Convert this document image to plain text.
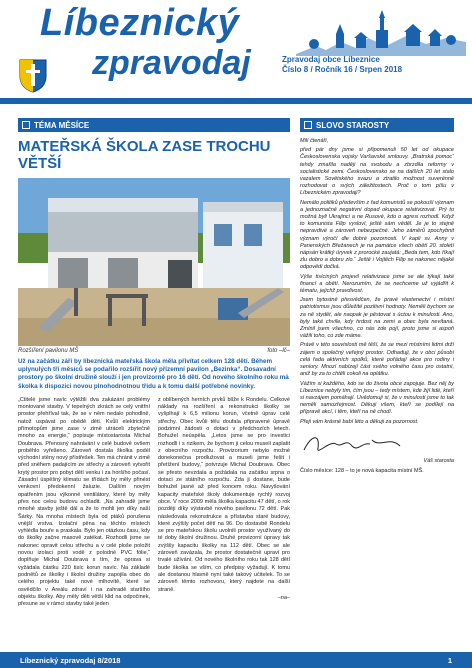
Líbeznický
zpravodaj	Zpravodaj obce Líbeznice
Číslo 8 / Ročník 16 / Srpen 2018
TÉMA MĚSÍCE
MATEŘSKÁ ŠKOLA ZASE TROCHU VĚTŠÍ
Rozšíření pavilonu MŠ	foto –lč–
Už na začátku září by líbeznická mateřská škola měla přivítat celkem 128 dětí. Během uplynulých tří měsíců se podařilo rozšířit nový přízemní pavilon „Bezinka“. Dosavadní prostory po školní družině slouží i jen provizorně pro 16 dětí. Od nového školního roku má školka k dispozici novou plnohodnotnou třídu a k tomu další potřebné novinky.
„Ctitelé jsme navíc výtěžili dva zakázání problémy montované stavby. V tepelných zkrách se celý vnitřní prostor přehříval tak, že se v něm nedalo pohodlně, natož uspávat po obědě děti. Kvůli elektrickým přímotopům jsme zase v zimě utráceli zbytečně mnoho za energie,“ popisuje místostarosta Michal Doubrava. Přenosný nahrávání v celé budově ovšem proběhlo vyřešeno. Zároveň dostala školka podél východní stěny nový přístřešek. Ten má chránit v zimě před sněhem padajícím ze střechy a zároveň vytvořit krytý prostor pro pobyt dětí venku i za horšího počasí. Zásadní úspěšný klimatu se třídách by měly přinést venkovní předokenní žaluzie. Dalším novým opatřením jsou výkonné ventilátory, které by měly přes noc celou budovu ochladit. „Na zahradě jsme mnohé stavby ještě dál a že to mohli jen díky naší Šárky. Na mnoha místech byla od ptáků porušena vnější vrstva. Izolační pěna na těchto místech vyhlédla bouře a praskala. Bylo jen otázkou času, kdy do školky začne masově zatékat. Rozhodli jsme se nakonec opravit celou střechu a v celé ploše položit novou izolaci proti vodě z polodné PVC fólie,“ doplňuje Michal Doubrava s tím, že oprava si vyžádala částku 220 tisíc korun navíc. Na základě podnětů ze školky i školní družiny zapojila obec do celého projektu také nové mlhovítě, které se osvědčilo v Areálu zdraví i na zahradě staršího objektu školky. Aby měly děti větší klid na odpočinek, přesune se v rámci stavby také jeden
z oblíbených herních prvků blíže k Rondelu. Celkové náklady na rozšíření a rekonstrukci školky se vyšplhají k 6,5 milionu korun, včetně úprav celé střechy. Obec kvůli tělu doufala připravené úpravě podzimní žádosti o dotaci v předchozích letech. Bohužel neúspěla. „Letos jsme se pro investici rozhodli i s rizikem, že bychom ji celou museli zaplatit z obecního rozpočtu. Provizorium nebylo možné donekonečna prodlužovat a museli jsme řešit i přetížení budovy,“ potvrzuje Michal Doubrava. Obec se přesto nevzdala a požádala na začátku srpna o dotaci ze státního rozpočtu. Zda ji dostane, bude bohužel jasné až před koncem roku. Navyšování kapacity mateřské školy dokumentuje rychlý rozvoj obce. V roce 2009 měla školka kapacitu 47 dětí, o rok později díky výstavbě nového pavilonu 72 dětí. Pak následovala rekonstrukce a přístavba staré budovy, které zvýšily počet dětí na 96. Do dostavbě Rondelu se pro mateřskou školu uvolnili prostor využívaný do té doby školní družinou. Druhé provizorní úpravy tak zvýšily kapacitu školky na 112 dětí. Obec se ale zároveň zavázala, že prostor dostatečně upraví pro trvalé užívání. Od nového školního roku tak 128 dětí bude školka se vším, co předpisy vyžadují. K tomu ale dostanou hlavně nyní také takový učitelek. To se zároveň těmto rozhovoru, který najdete na další straně.
–na–
SLOVO STAROSTY

Milí čtenáři,

před pár dny jsme si připomenuli 50 let od okupace Československa vojsky Varšavské smlouvy. „Bratrská pomoc“ tehdy zmařila naději na svobodu a zbrzdila reformy v socialistické zemi. Československo se na dalších 20 let stalo vazalem Sovětského svazu a ztratilo možnost suverénně rozhodovat o svých záležitostech. Proč o tom píšu v Líbeznickém zpravodaji?

Nemálo politiků především z řad komunistů se pokouší význam a jednoznačně negativní dopad okupace relativizovat. Prý to možná byli Ukrajinci a ne Rusové, kdo o agresi rozhodl. Když to komunista Filip vysloví, ještě sám věděl. Je je to stejně nepravdivé a zároveň nebezpečné. Jeho záměrů zpochybnit význam výročí dle dobré pozornosti. V kapli sv. Anny v Panenských Břežanech je na památce všech obětí 20. století nápsán krátký úryvek z prorocké zaujatá: „Beda tem, kdo říkají zlu dobro a dobru zlo.“ Ještě i Vojtěch Filip se nakonec nějaké odpovědi dočká.

Výše tisíciných projevil relativizace jsme se ale týkají také financí a obětí. Nerozumím, že se nechceme už vyjádřit k tématu, jejichž pravdivost.

Jsem bytostně přesvědčen, že pravé vlastenectví i místní patriotismus jsou důležité pozitivní hodnoty. Neměli bychom se za ně stydět, ale naopak je pěstovat s úctou k minulosti. Ano, byly také chvíle, kdy hrdost na zemi a obec byla nevítaná. Zmínil jsem všechno, co nás zde pojí, proto jsme si aspoň vážili toho, co zde máme.

Právě v této souvislosti mě těší, že se mezi místními lidmi drží zájem o společný veřejný prostor. Odhaduji, že v obci působí celá řada aktivních spolků, které pořádají akce pro rodiny i seniory. Mnozí nabízejí část svého volného času pro ostatní, aniž by za to chtěli cokoli na oplátku.

Vážím si každého, kdo se do života obce zapojuje. Bez něj by Líbeznice nebyly tím, čím jsou – tedy místem, kde žijí lidé, kteří si navzájem pomáhají. Uvědomuji si, že v minulosti jsme to tak neměli samozřejmost. Děkuji všem, kteří se podílejí na přípravě akcí, i těm, kteří na ně chodí.

Přeji vám krásné babí léto a děkuji za pozornost.

Váš starosta
Číslo měsíce: 128 – to je nová kapacita místní MŠ.
Líbeznický zpravodaj 8/2018	1
